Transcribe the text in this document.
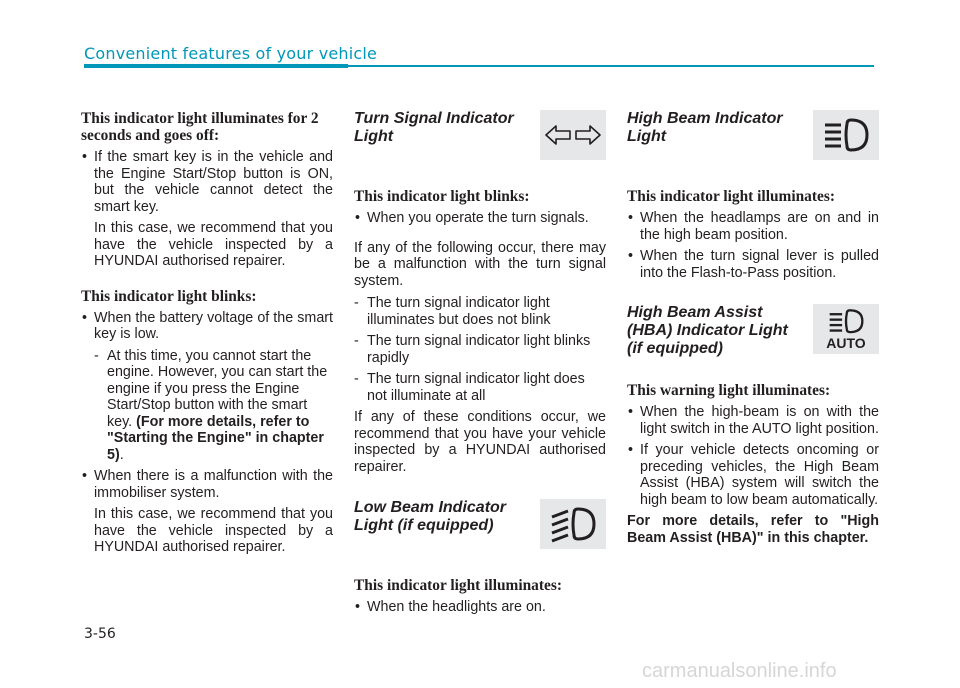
Convenient features of your vehicle
This indicator light illuminates for 2 seconds and goes off:

• If the smart key is in the vehicle and the Engine Start/Stop button is ON, but the vehicle cannot detect the smart key.

In this case, we recommend that you have the vehicle inspected by a HYUNDAI authorised repairer.

This indicator light blinks:

• When the battery voltage of the smart key is low.

- At this time, you cannot start the engine. However, you can start the engine if you press the Engine Start/Stop button with the smart key. (For more details, refer to "Starting the Engine" in chapter 5).

• When there is a malfunction with the immobiliser system.

In this case, we recommend that you have the vehicle inspected by a HYUNDAI authorised repairer.

Turn Signal Indicator Light
This indicator light blinks:

• When you operate the turn signals.

If any of the following occur, there may be a malfunction with the turn signal system.

- The turn signal indicator light illuminates but does not blink

- The turn signal indicator light blinks rapidly

- The turn signal indicator light does not illuminate at all

If any of these conditions occur, we recommend that you have your vehicle inspected by a HYUNDAI authorised repairer.

Low Beam Indicator Light (if equipped)
This indicator light illuminates:

• When the headlights are on.

High Beam Indicator Light
This indicator light illuminates:

• When the headlamps are on and in the high beam position.

• When the turn signal lever is pulled into the Flash-to-Pass position.

High Beam Assist (HBA) Indicator Light (if equipped)	AUTO
This warning light illuminates:

• When the high-beam is on with the light switch in the AUTO light position.

• If your vehicle detects oncoming or preceding vehicles, the High Beam Assist (HBA) system will switch the high beam to low beam automatically.

For more details, refer to "High Beam Assist (HBA)" in this chapter.

3-56
carmanualsonline.info
